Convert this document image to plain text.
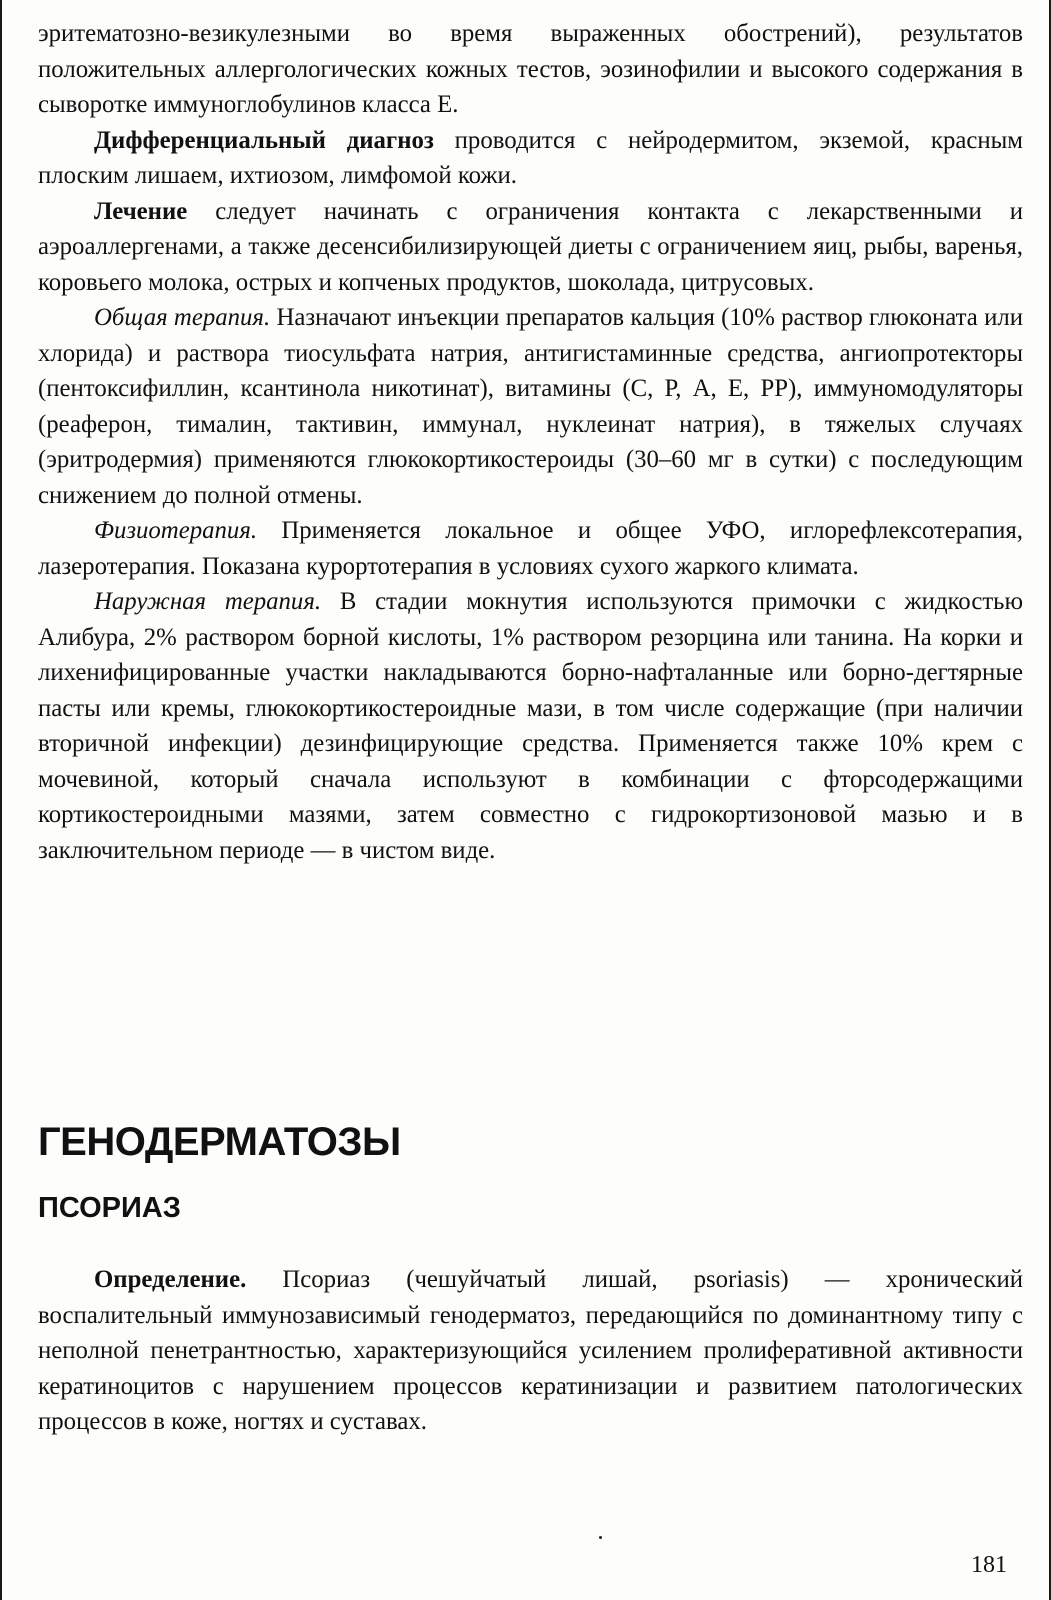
эритематозно-везикулезными во время выраженных обострений), результатов положительных аллергологических кожных тестов, эозинофилии и высокого содержания в сыворотке иммуноглобулинов класса Е.

Дифференциальный диагноз проводится с нейродермитом, экземой, красным плоским лишаем, ихтиозом, лимфомой кожи.

Лечение следует начинать с ограничения контакта с лекарственными и аэроаллергенами, а также десенсибилизирующей диеты с ограничением яиц, рыбы, варенья, коровьего молока, острых и копченых продуктов, шоколада, цитрусовых.

Общая терапия. Назначают инъекции препаратов кальция (10% раствор глюконата или хлорида) и раствора тиосульфата натрия, антигистаминные средства, ангиопротекторы (пентоксифиллин, ксантинола никотинат), витамины (С, Р, А, Е, РР), иммуномодуляторы (реаферон, тималин, тактивин, иммунал, нуклеинат натрия), в тяжелых случаях (эритродермия) применяются глюкокортикостероиды (30–60 мг в сутки) с последующим снижением до полной отмены.

Физиотерапия. Применяется локальное и общее УФО, иглорефлексотерапия, лазеротерапия. Показана курортотерапия в условиях сухого жаркого климата.

Наружная терапия. В стадии мокнутия используются примочки с жидкостью Алибура, 2% раствором борной кислоты, 1% раствором резорцина или танина. На корки и лихенифицированные участки накладываются борно-нафталанные или борно-дегтярные пасты или кремы, глюкокортикостероидные мази, в том числе содержащие (при наличии вторичной инфекции) дезинфицирующие средства. Применяется также 10% крем с мочевиной, который сначала используют в комбинации с фторсодержащими кортикостероидными мазями, затем совместно с гидрокортизоновой мазью и в заключительном периоде — в чистом виде.

ГЕНОДЕРМАТОЗЫ
ПСОРИАЗ

Определение. Псориаз (чешуйчатый лишай, psoriasis) — хронический воспалительный иммунозависимый генодерматоз, передающийся по доминантному типу с неполной пенетрантностью, характеризующийся усилением пролиферативной активности кератиноцитов с нарушением процессов кератинизации и развитием патологических процессов в коже, ногтях и суставах.

181
